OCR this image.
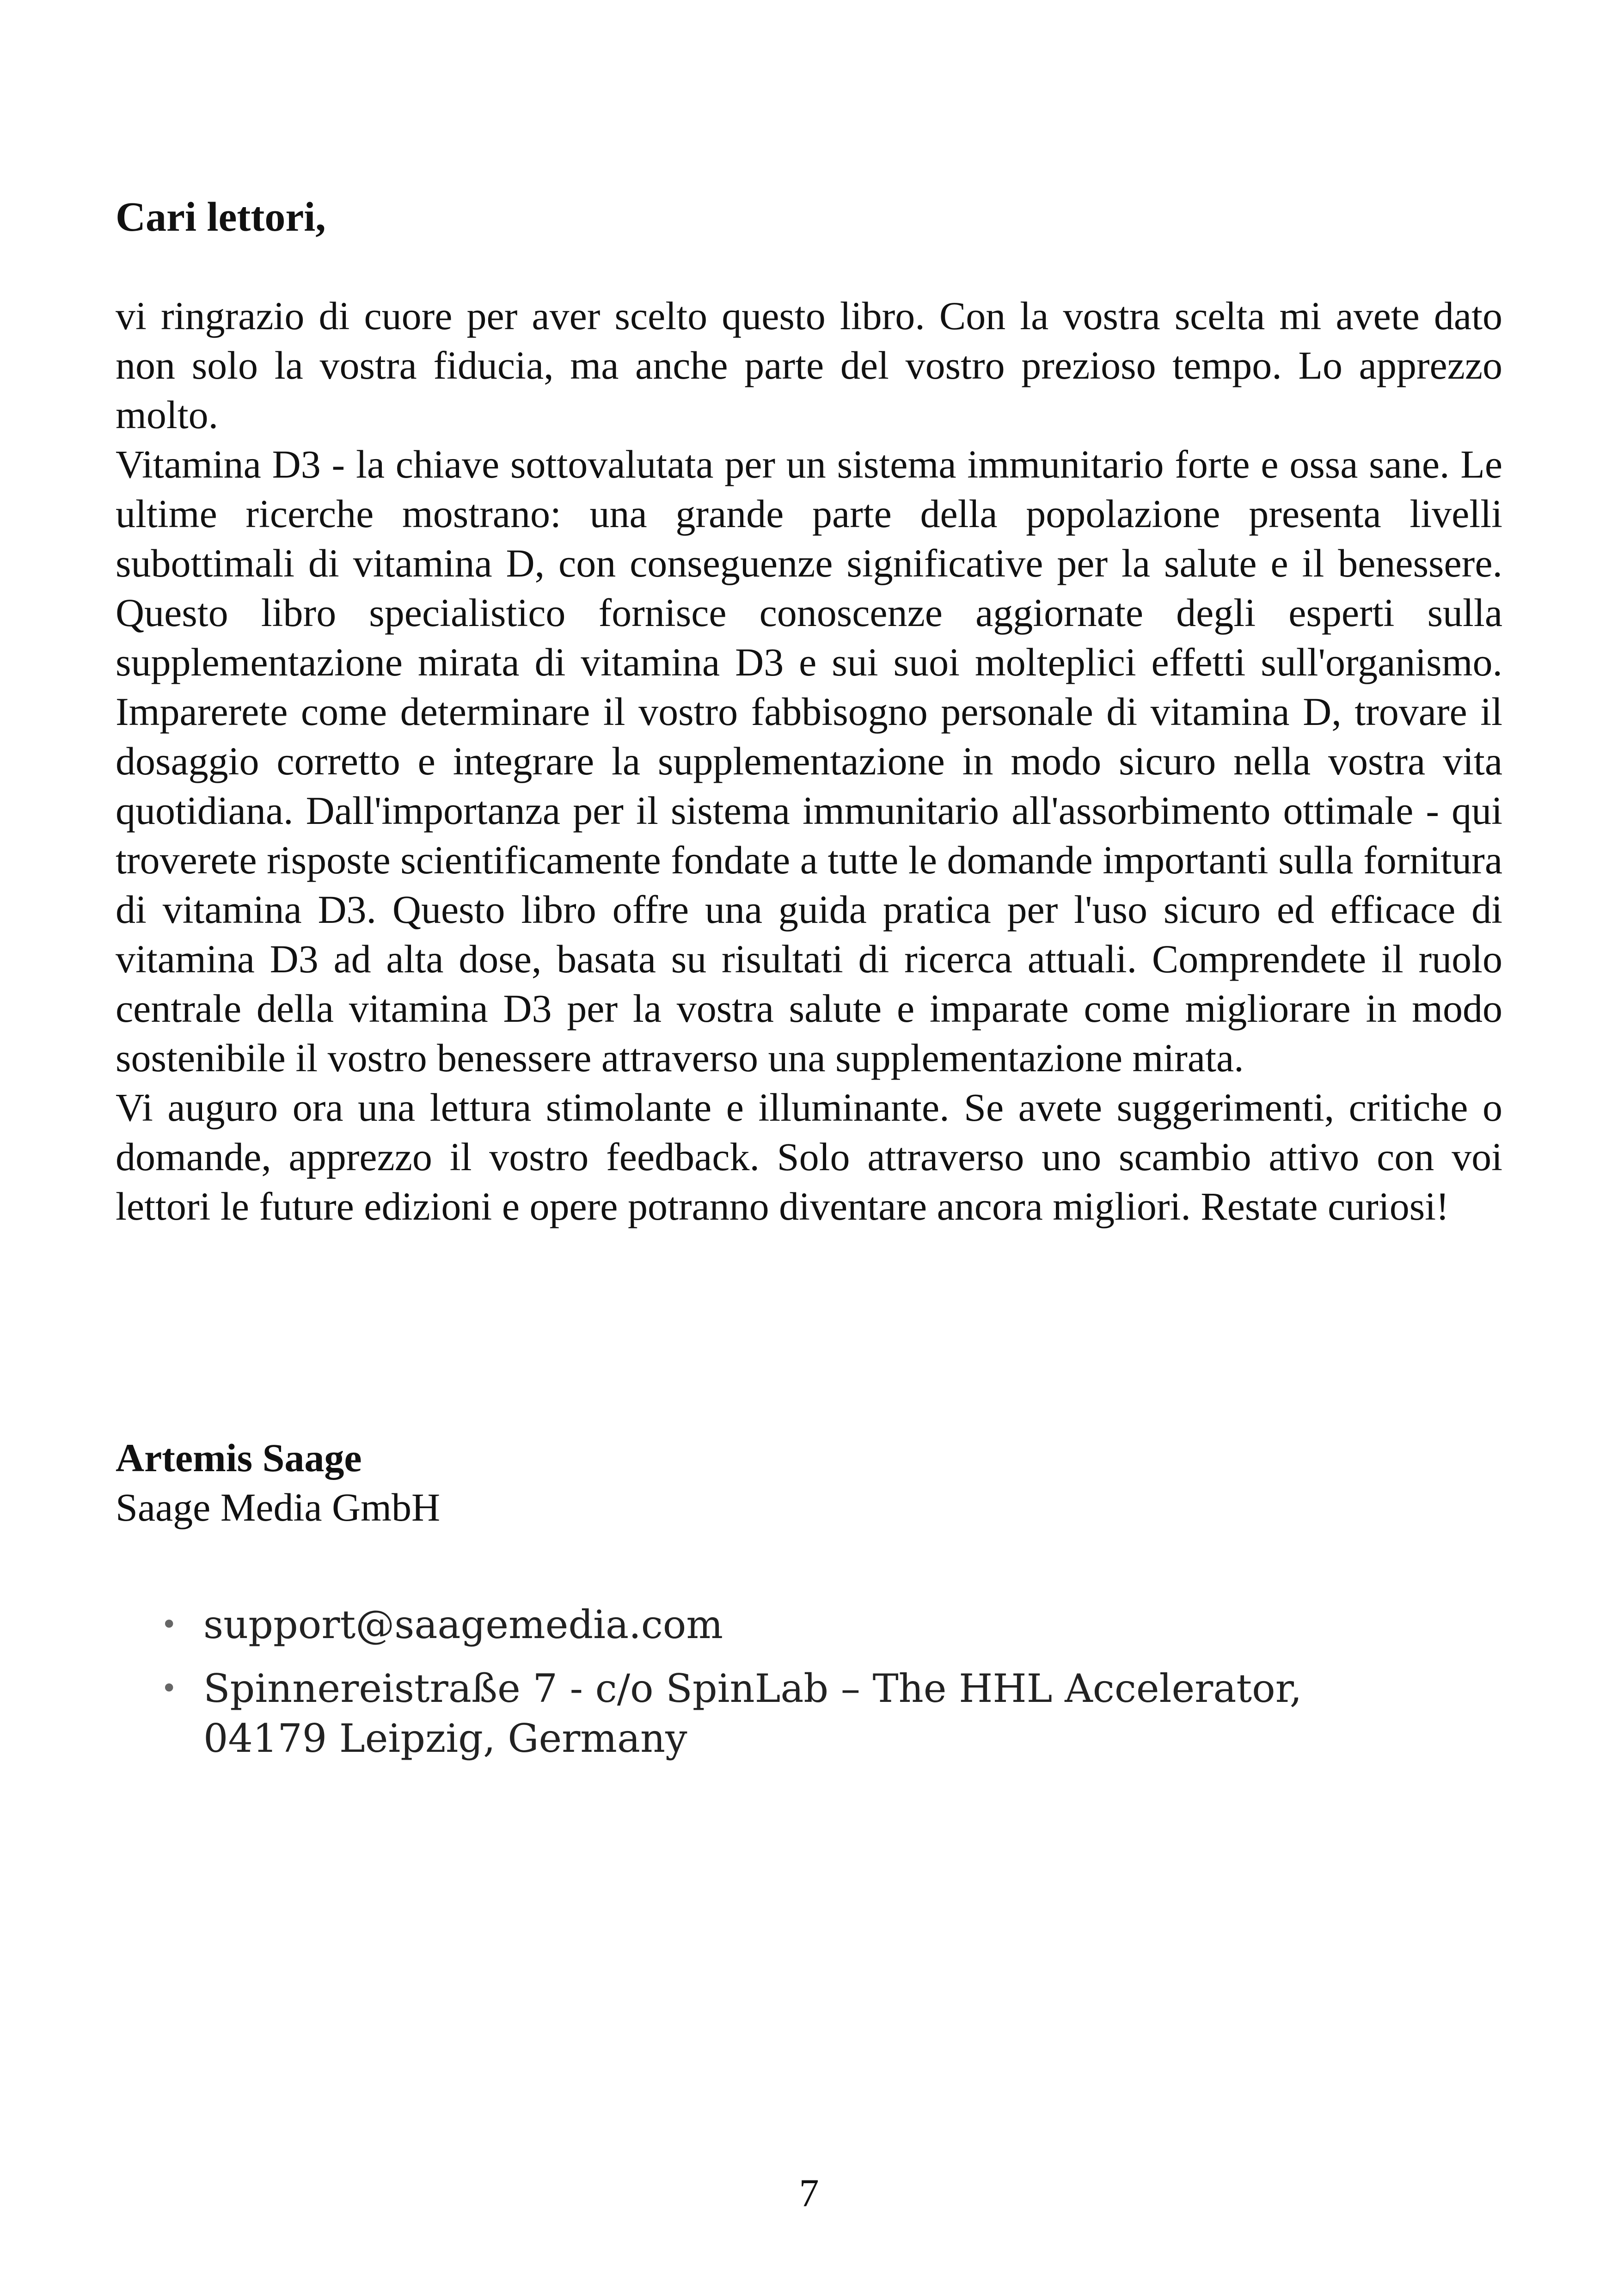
Cari lettori,

vi ringrazio di cuore per aver scelto questo libro. Con la vostra scelta mi avete dato non solo la vostra fiducia, ma anche parte del vostro prezioso tempo. Lo apprezzo molto.

Vitamina D3 - la chiave sottovalutata per un sistema immunitario forte e ossa sane. Le ultime ricerche mostrano: una grande parte della popolazione presenta livelli subottimali di vitamina D, con conseguenze significative per la salute e il benessere. Questo libro specialistico fornisce conoscenze aggiornate degli esperti sulla supplementazione mirata di vitamina D3 e sui suoi molteplici effetti sull'organismo. Imparerete come determinare il vostro fabbisogno personale di vitamina D, trovare il dosaggio corretto e integrare la supplementazione in modo sicuro nella vostra vita quotidiana. Dall'importanza per il sistema immunitario all'assorbimento ottimale - qui troverete risposte scientificamente fondate a tutte le domande importanti sulla fornitura di vitamina D3. Questo libro offre una guida pratica per l'uso sicuro ed efficace di vitamina D3 ad alta dose, basata su risultati di ricerca attuali. Comprendete il ruolo centrale della vitamina D3 per la vostra salute e imparate come migliorare in modo sostenibile il vostro benessere attraverso una supplementazione mirata.

Vi auguro ora una lettura stimolante e illuminante. Se avete suggerimenti, critiche o domande, apprezzo il vostro feedback. Solo attraverso uno scambio attivo con voi lettori le future edizioni e opere potranno diventare ancora migliori. Restate curiosi!

Artemis Saage
Saage Media GmbH
• support@saagemedia.com
• Spinnereistraße 7 - c/o SpinLab – The HHL Accelerator, 04179 Leipzig, Germany
7
